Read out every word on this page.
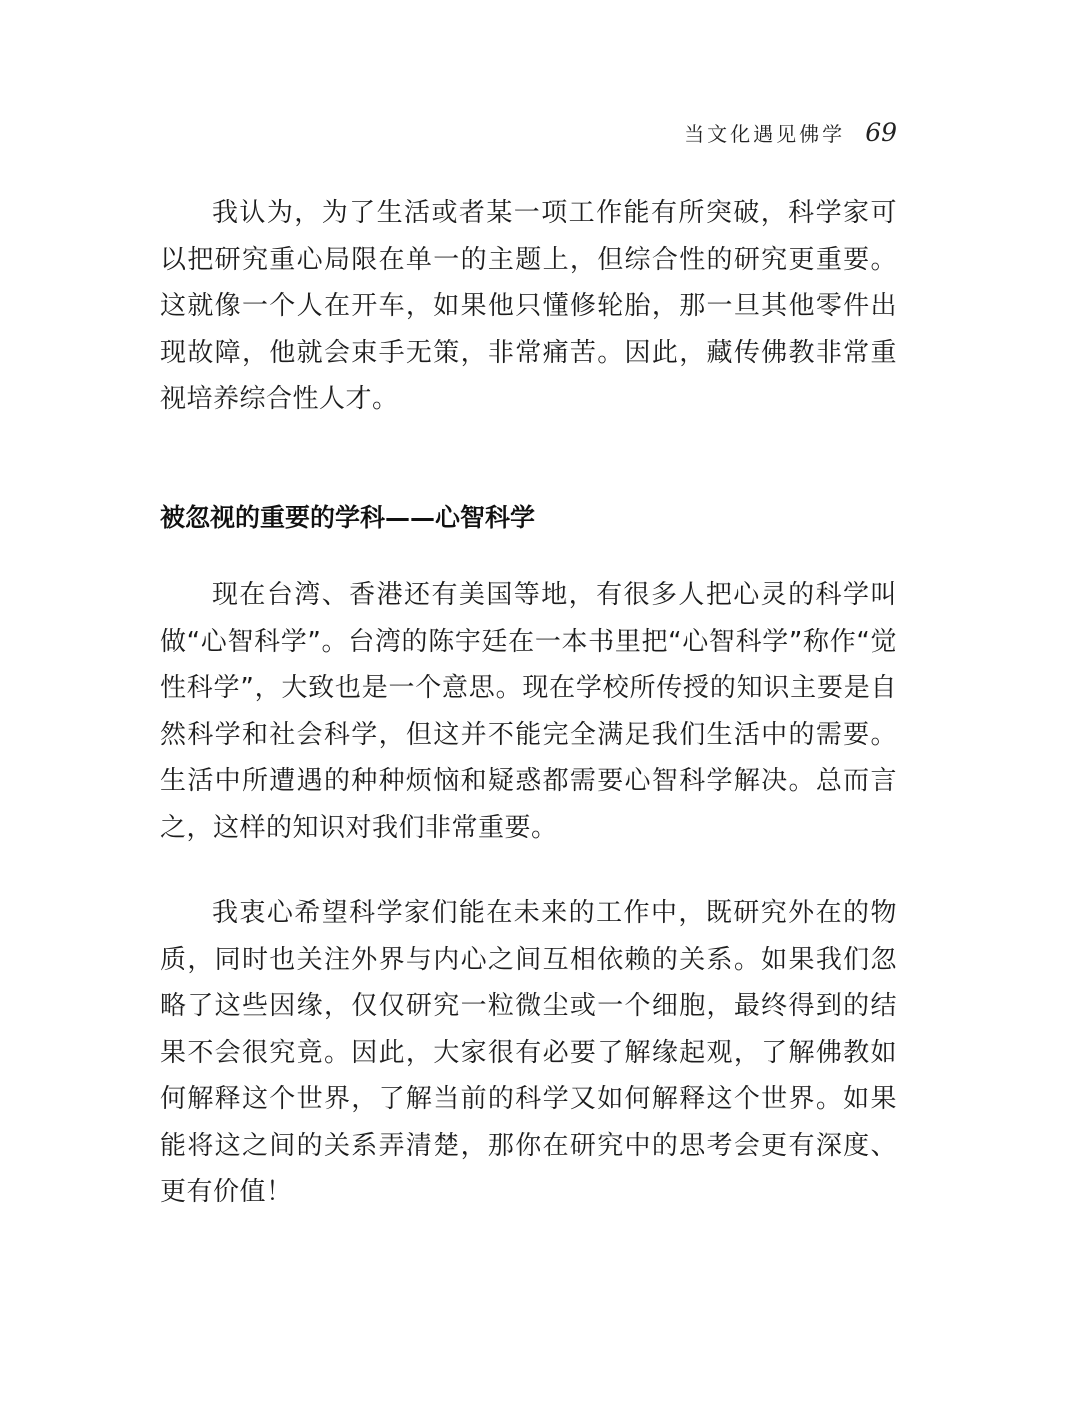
当文化遇见佛学 69

我认为，为了生活或者某一项工作能有所突破，科学家可以把研究重心局限在单一的主题上，但综合性的研究更重要。这就像一个人在开车，如果他只懂修轮胎，那一旦其他零件出现故障，他就会束手无策，非常痛苦。因此，藏传佛教非常重视培养综合性人才。

被忽视的重要的学科——心智科学

现在台湾、香港还有美国等地，有很多人把心灵的科学叫做“心智科学”。台湾的陈宇廷在一本书里把“心智科学”称作“觉性科学”，大致也是一个意思。现在学校所传授的知识主要是自然科学和社会科学，但这并不能完全满足我们生活中的需要。生活中所遭遇的种种烦恼和疑惑都需要心智科学解决。总而言之，这样的知识对我们非常重要。

我衷心希望科学家们能在未来的工作中，既研究外在的物质，同时也关注外界与内心之间互相依赖的关系。如果我们忽略了这些因缘，仅仅研究一粒微尘或一个细胞，最终得到的结果不会很究竟。因此，大家很有必要了解缘起观，了解佛教如何解释这个世界，了解当前的科学又如何解释这个世界。如果能将这之间的关系弄清楚，那你在研究中的思考会更有深度、更有价值！
